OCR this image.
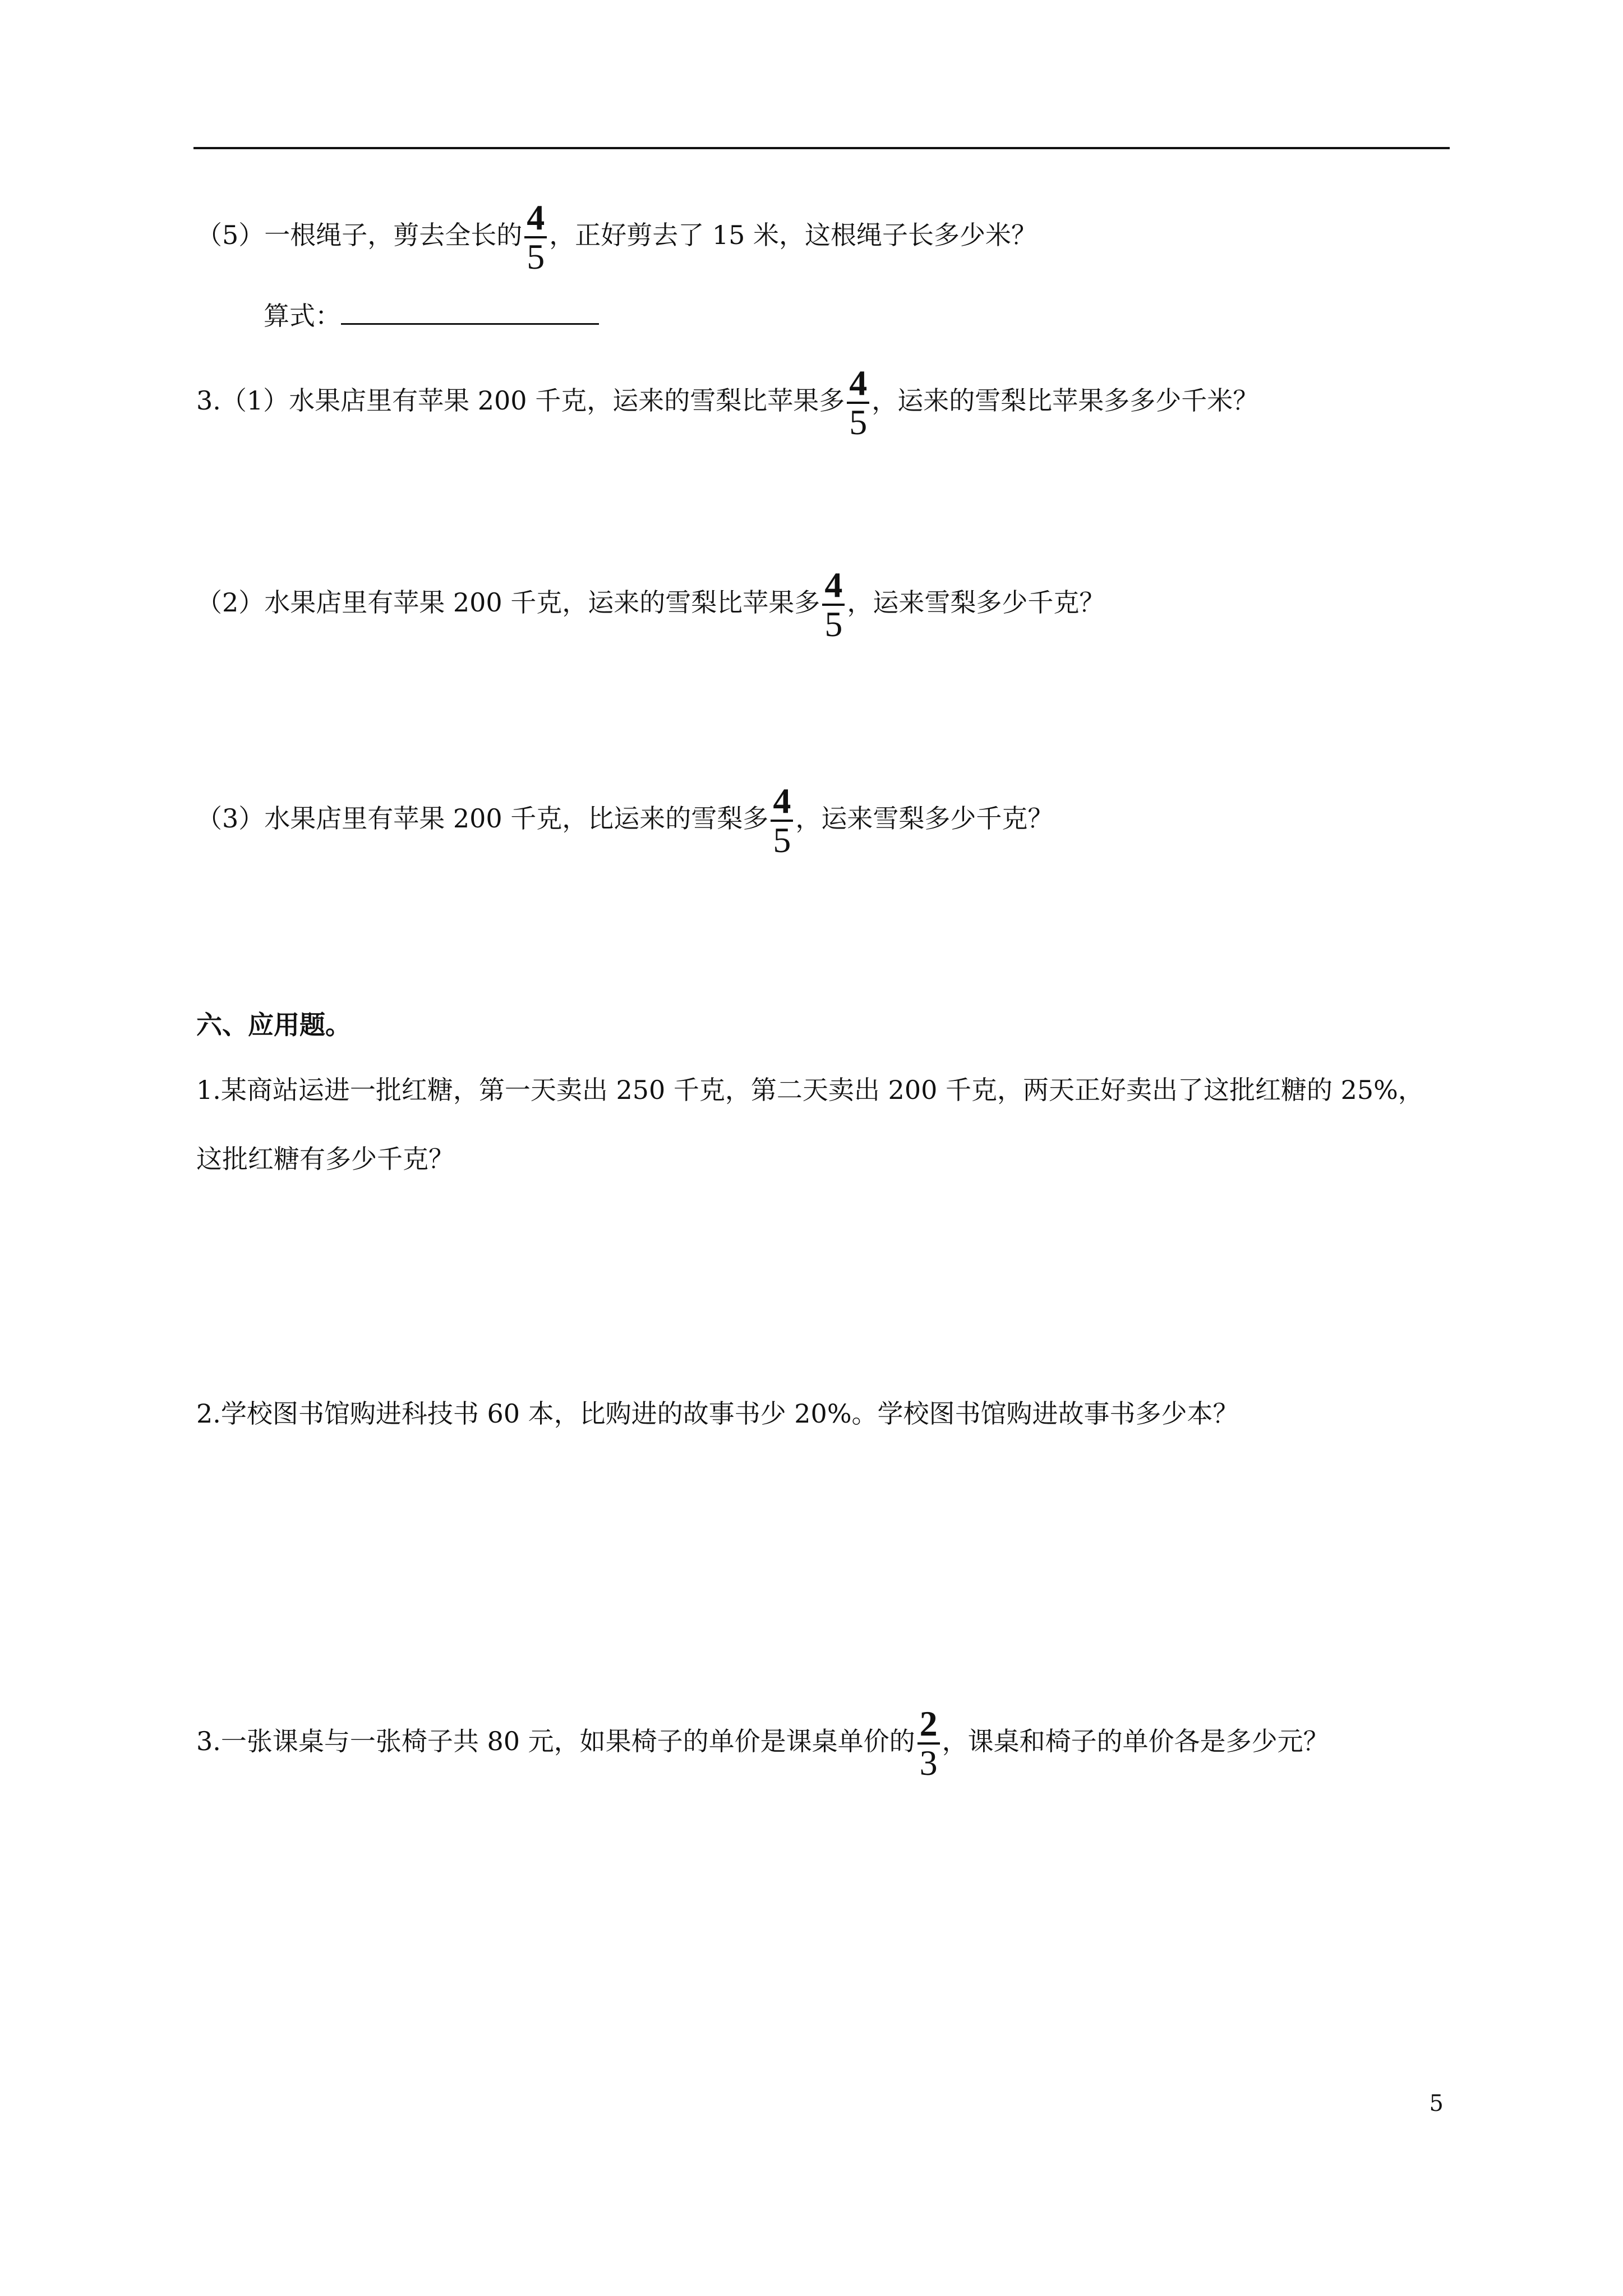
（5）一根绳子，剪去全长的 $\frac{4}{5}$ ，正好剪去了 15 米，这根绳子长多少米？
算式：
3.（1）水果店里有苹果 200 千克，运来的雪梨比苹果多 $\frac{4}{5}$ ，运来的雪梨比苹果多多少千米？
（2）水果店里有苹果 200 千克，运来的雪梨比苹果多 $\frac{4}{5}$ ，运来雪梨多少千克？
（3）水果店里有苹果 200 千克，比运来的雪梨多 $\frac{4}{5}$ ，运来雪梨多少千克？
六、应用题。
1.某商站运进一批红糖，第一天卖出 250 千克，第二天卖出 200 千克，两天正好卖出了这批红糖的 25%，
这批红糖有多少千克？
2.学校图书馆购进科技书 60 本，比购进的故事书少 20%。学校图书馆购进故事书多少本？
3.一张课桌与一张椅子共 80 元，如果椅子的单价是课桌单价的 $\frac{2}{3}$ ，课桌和椅子的单价各是多少元？
5
